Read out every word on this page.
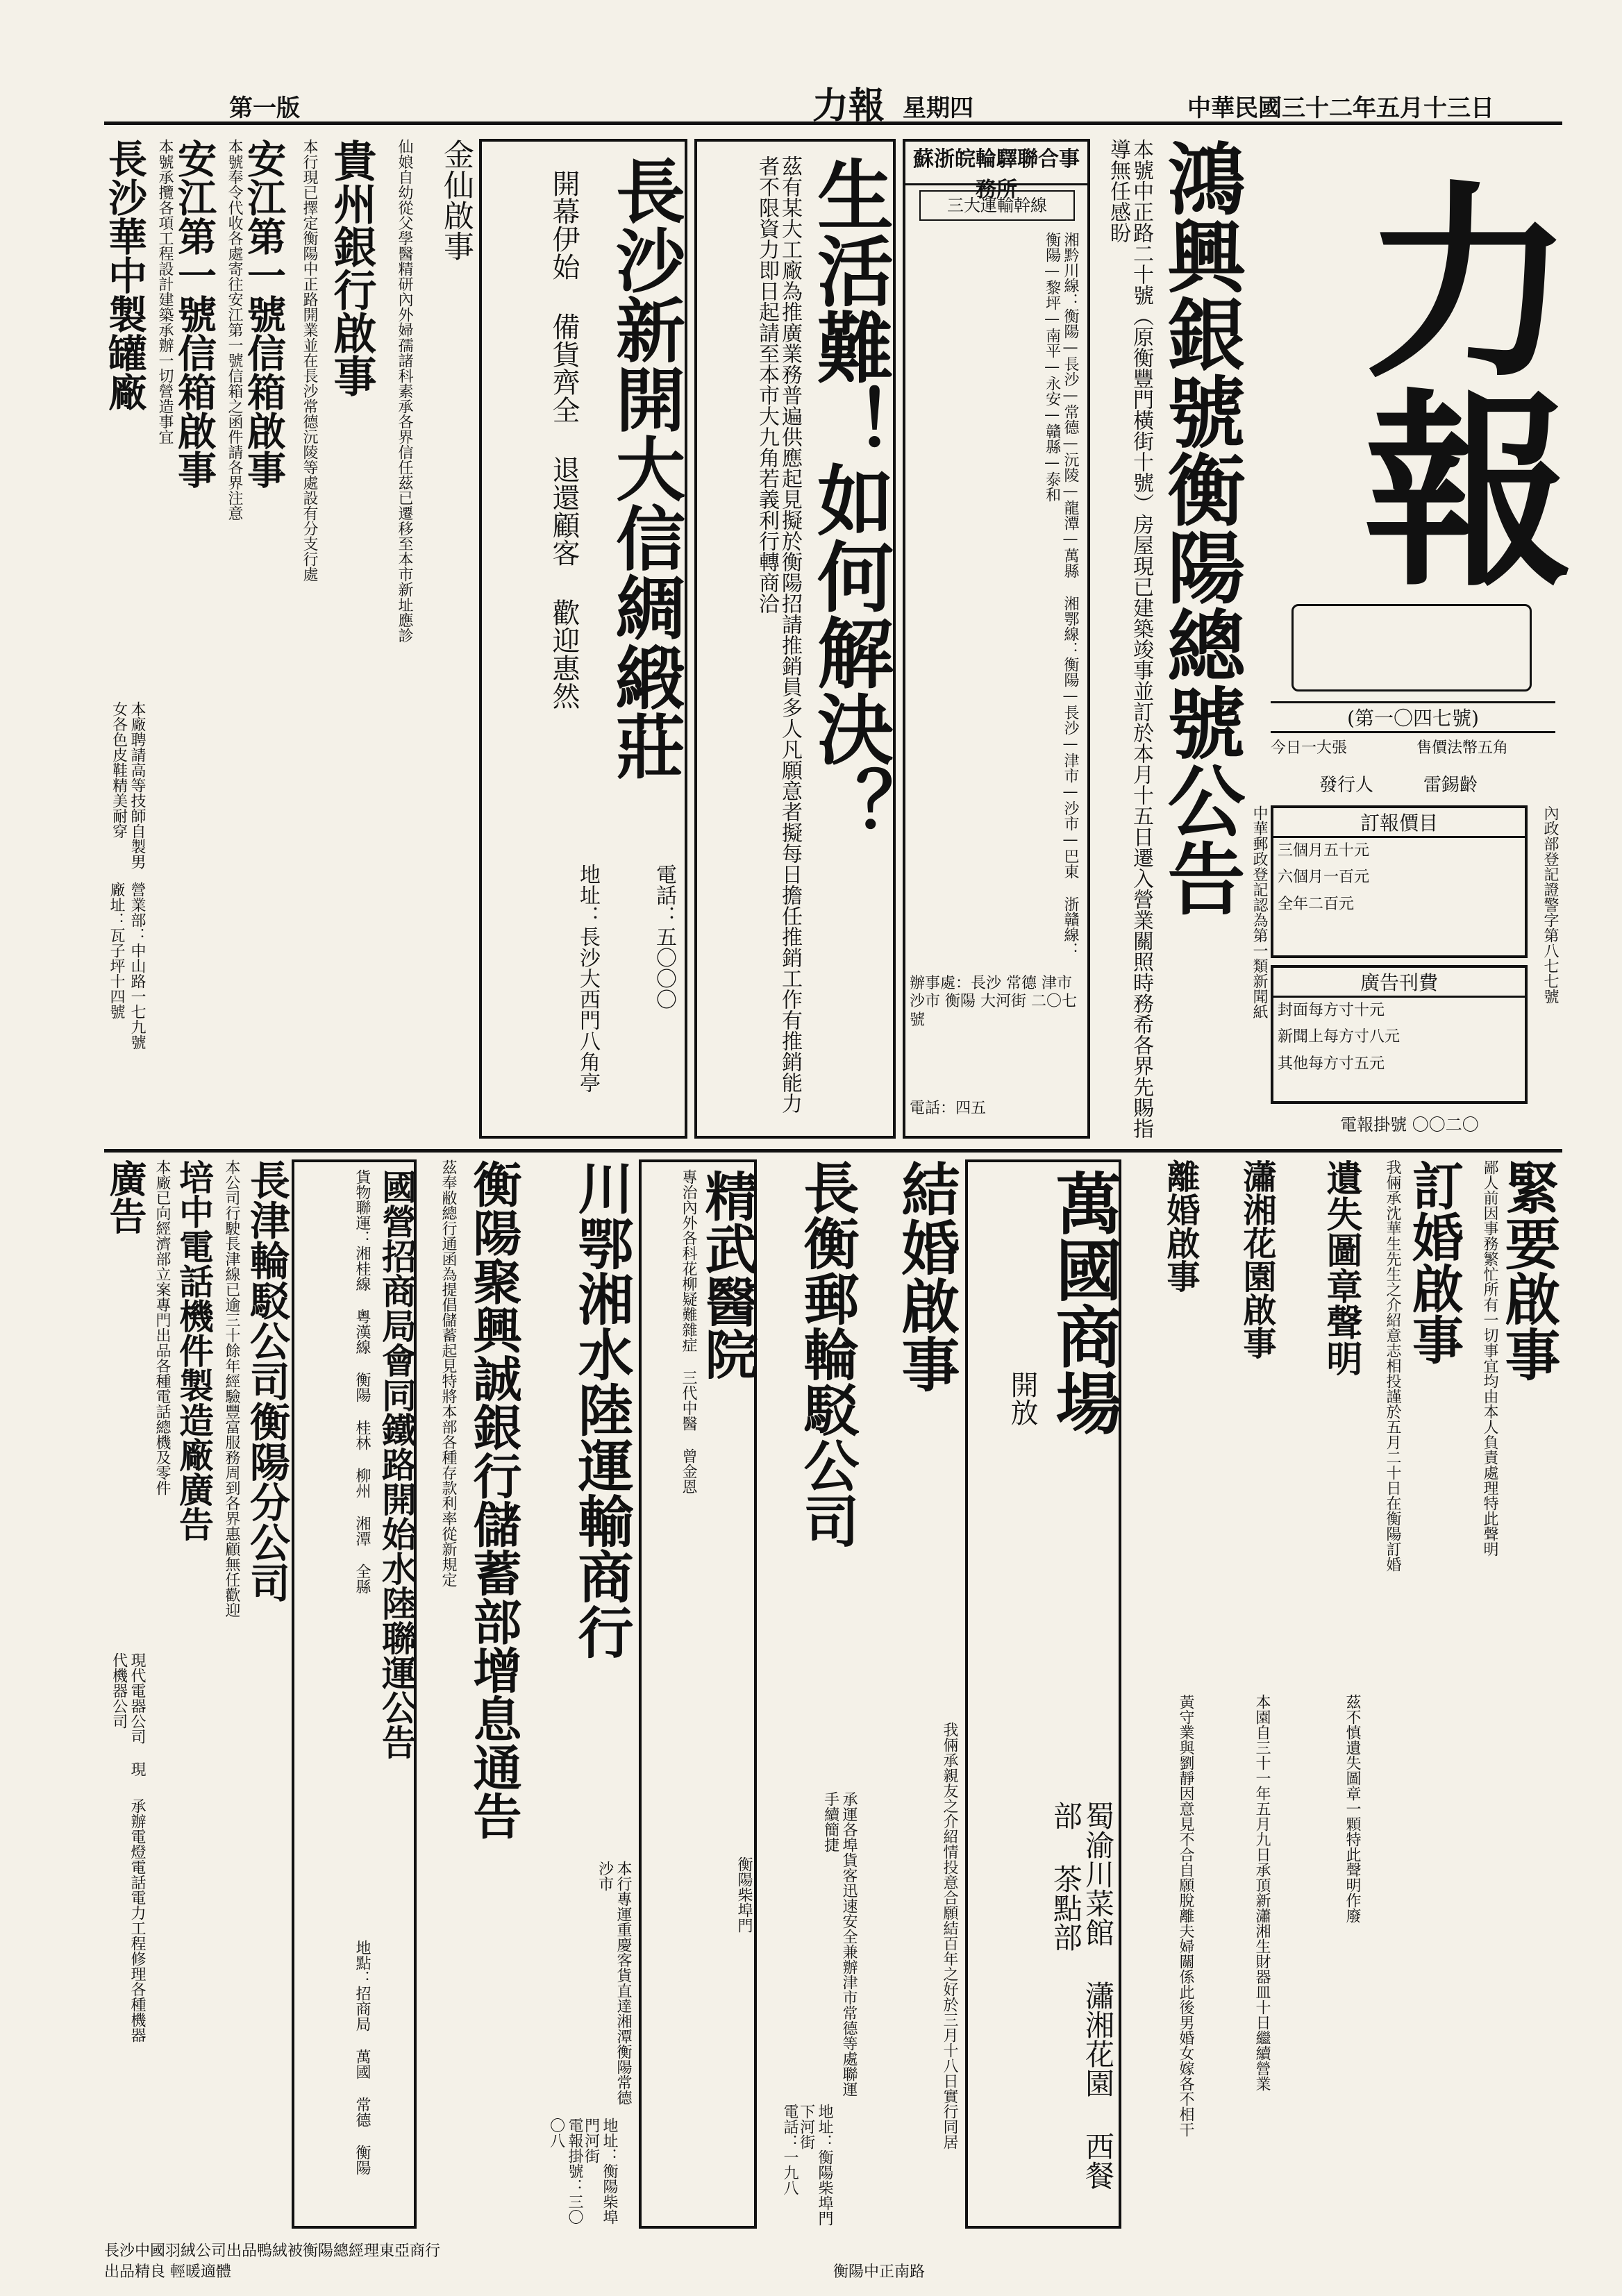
中華民國三十二年五月十三日
星期四
力報
第一版
力報
(第一〇四七號)
今日一大張	售價法幣五角
發行人	雷錫齡
訂報價目
三個月五十元
六個月一百元
全年二百元
廣告刊費
封面每方寸十元
新聞上每方寸八元
其他每方寸五元
內政部登記證警字第八七七號
中華郵政登記認為第一類新聞紙
電報掛號 〇〇二〇
鴻興銀號衡陽總號公告
本號中正路二十號（原衡豐門橫街十號）房屋現已建築竣事並訂於本月十五日遷入營業關照時務希各界先賜指導無任感盼
蘇浙皖輪驛聯合事務所
三大運輸幹線
湘黔川線：衡陽—長沙—常德—沅陵—龍潭—萬縣 湘鄂線：衡陽—長沙—津市—沙市—巴東 浙贛線：衡陽—黎坪—南平—永安—贛縣—泰和
辦事處：長沙 常德 津市 沙市 衡陽 大河街 二〇七號
電話：四五
生活難！如何解決？
茲有某大工廠為推廣業務普遍供應起見擬於衡陽招請推銷員多人凡願意者擬每日擔任推銷工作有推銷能力者不限資力即日起請至本市大九角若義利行轉商洽
長沙新開大信綢緞莊
開幕伊始 備貨齊全 退還顧客 歡迎惠然
地址：長沙大西門八角亭	電話：五〇〇〇
金仙啟事
仙娘自幼從父學醫精研內外婦孺諸科素承各界信任茲已遷移至本市新址應診
貴州銀行啟事
本行現已擇定衡陽中正路開業並在長沙常德沅陵等處設有分支行處
安江第一號信箱啟事
本號奉令代收各處寄往安江第一號信箱之函件請各界注意
安江第一號信箱啟事
本號承攬各項工程設計建築承辦一切營造事宜
長沙華中製罐廠
本廠聘請高等技師自製男女各色皮鞋精美耐穿
廠址：瓦子坪十四號 營業部：中山路一七九號
緊要啟事
鄙人前因事務繁忙所有一切事宜均由本人負責處理特此聲明
訂婚啟事
我倆承沈華生先生之介紹意志相投謹於五月二十日在衡陽訂婚
遺失圖章聲明
茲不慎遺失圖章一顆特此聲明作廢
瀟湘花園啟事
本園自三十一年五月九日承頂新瀟湘生財器皿十日繼續營業
離婚啟事
黃守業與劉靜因意見不合自願脫離夫婦關係此後男婚女嫁各不相干
萬國商場
開放
蜀渝川菜館 瀟湘花園 西餐部 茶點部
結婚啟事
我倆承親友之介紹情投意合願結百年之好於三月十八日實行同居
長衡郵輪駁公司
承運各埠貨客迅速安全兼辦津市常德等處聯運手續簡捷
地址：衡陽柴埠門下河街
電話：一九八
精武醫院
專治內外各科花柳疑難雜症 三代中醫 曾金恩
衡陽柴埠門
川鄂湘水陸運輸商行
本行專運重慶客貨直達湘潭衡陽常德沙市
地址：衡陽柴埠門河街
電報掛號：三〇〇八
衡陽聚興誠銀行儲蓄部增息通告
茲奉敝總行通函為提倡儲蓄起見特將本部各種存款利率從新規定
國營招商局會同鐵路開始水陸聯運公告
貨物聯運：湘桂線 粵漢線 衡陽 桂林 柳州 湘潭 全縣
地點：招商局 萬國 常德 衡陽
長津輪駁公司衡陽分公司
本公司行駛長津線已逾三十餘年經驗豐富服務周到各界惠顧無任歡迎
培中電話機件製造廠廣告
本廠已向經濟部立案專門出品各種電話總機及零件
廣告
現代電器公司 現代機器公司
承辦電燈電話電力工程修理各種機器
長沙中國羽絨公司出品鴨絨被衡陽總經理東亞商行
出品精良 輕暖適體	衡陽中正南路
